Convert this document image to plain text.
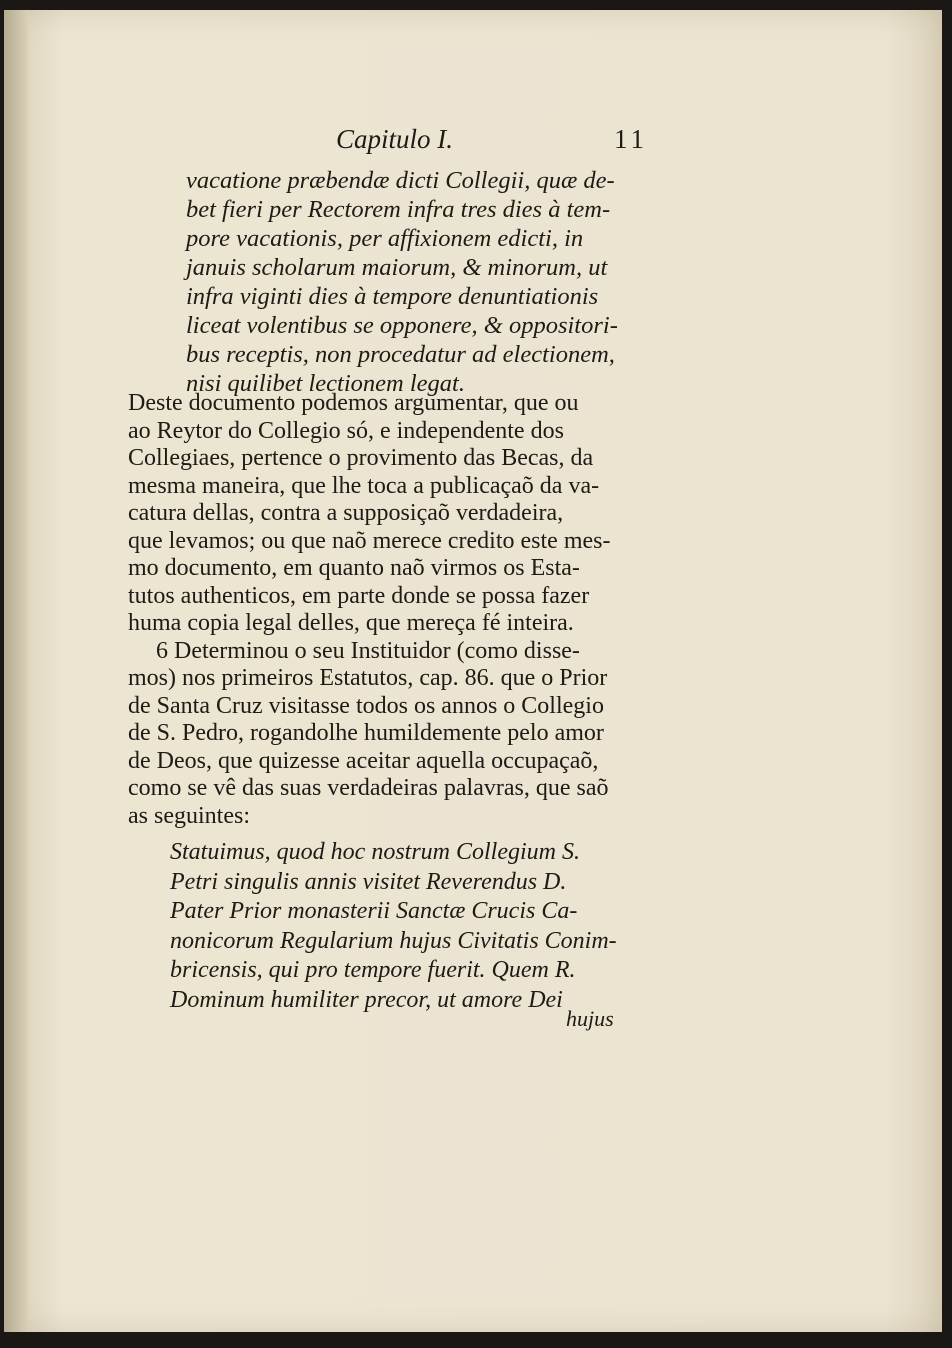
Capitulo I.	11
vacatione præbendæ dicti Collegii, quæ de-
bet fieri per Rectorem infra tres dies à tem-
pore vacationis, per affixionem edicti, in
januis scholarum maiorum, & minorum, ut
infra viginti dies à tempore denuntiationis
liceat volentibus se opponere, & oppositori-
bus receptis, non procedatur ad electionem,
nisi quilibet lectionem legat.
Deste documento podemos argumentar, que ou
ao Reytor do Collegio só, e independente dos
Collegiaes, pertence o provimento das Becas, da
mesma maneira, que lhe toca a publicaçaõ da va-
catura dellas, contra a supposiçaõ verdadeira,
que levamos; ou que naõ merece credito este mes-
mo documento, em quanto naõ virmos os Esta-
tutos authenticos, em parte donde se possa fazer
huma copia legal delles, que mereça fé inteira.
6 Determinou o seu Instituidor (como disse-
mos) nos primeiros Estatutos, cap. 86. que o Prior
de Santa Cruz visitasse todos os annos o Collegio
de S. Pedro, rogandolhe humildemente pelo amor
de Deos, que quizesse aceitar aquella occupaçaõ,
como se vê das suas verdadeiras palavras, que saõ
as seguintes:
Statuimus, quod hoc nostrum Collegium S.
Petri singulis annis visitet Reverendus D.
Pater Prior monasterii Sanctæ Crucis Ca-
nonicorum Regularium hujus Civitatis Conim-
bricensis, qui pro tempore fuerit. Quem R.
Dominum humiliter precor, ut amore Dei
hujus
